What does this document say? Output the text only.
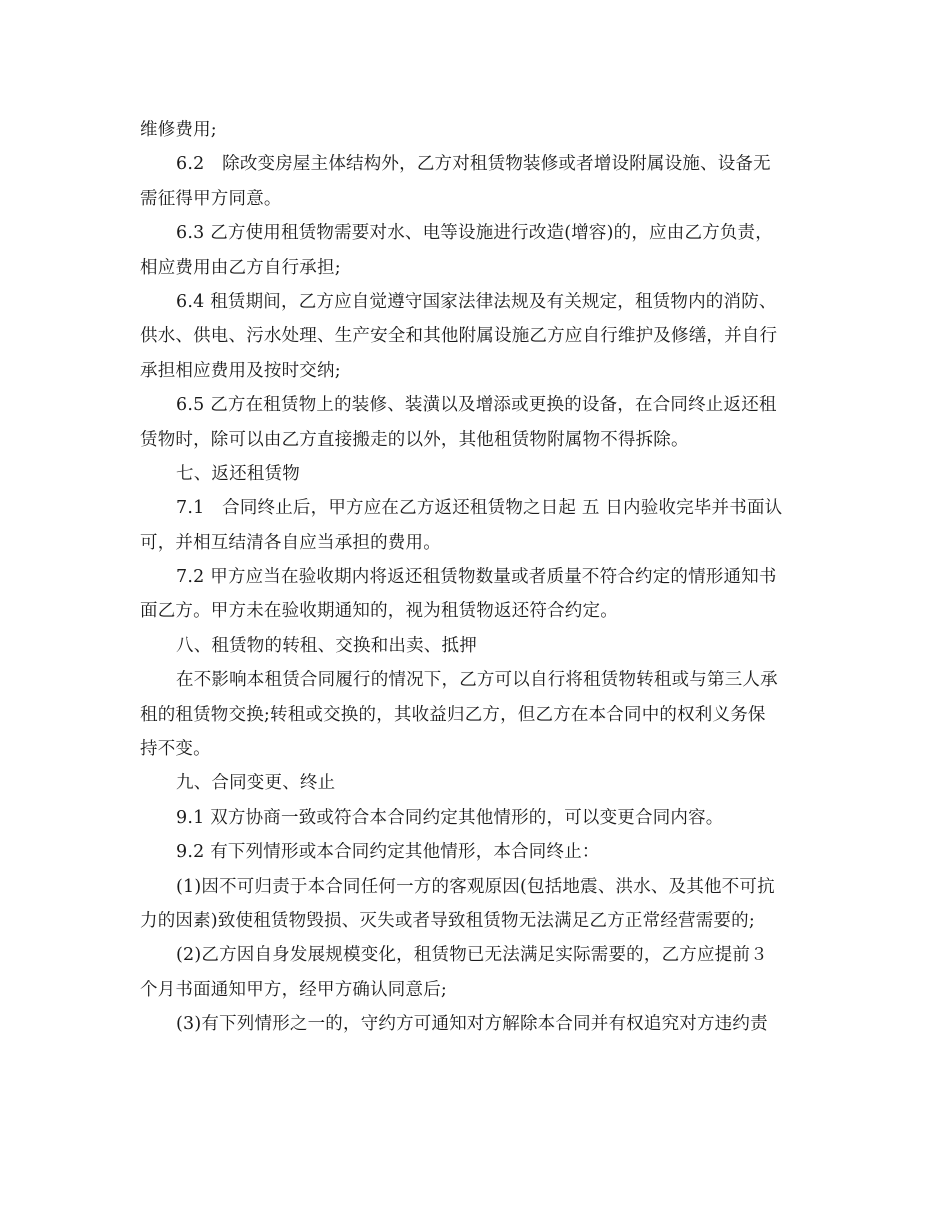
维修费用;
6.2　除改变房屋主体结构外，乙方对租赁物装修或者增设附属设施、设备无
需征得甲方同意。
6.3 乙方使用租赁物需要对水、电等设施进行改造(增容)的，应由乙方负责，
相应费用由乙方自行承担;
6.4 租赁期间，乙方应自觉遵守国家法律法规及有关规定，租赁物内的消防、
供水、供电、污水处理、生产安全和其他附属设施乙方应自行维护及修缮，并自行
承担相应费用及按时交纳;
6.5 乙方在租赁物上的装修、装潢以及增添或更换的设备，在合同终止返还租
赁物时，除可以由乙方直接搬走的以外，其他租赁物附属物不得拆除。
七、返还租赁物
7.1　合同终止后，甲方应在乙方返还租赁物之日起 五 日内验收完毕并书面认
可，并相互结清各自应当承担的费用。
7.2 甲方应当在验收期内将返还租赁物数量或者质量不符合约定的情形通知书
面乙方。甲方未在验收期通知的，视为租赁物返还符合约定。
八、租赁物的转租、交换和出卖、抵押
在不影响本租赁合同履行的情况下，乙方可以自行将租赁物转租或与第三人承
租的租赁物交换;转租或交换的，其收益归乙方，但乙方在本合同中的权利义务保
持不变。
九、合同变更、终止
9.1 双方协商一致或符合本合同约定其他情形的，可以变更合同内容。
9.2 有下列情形或本合同约定其他情形，本合同终止：
(1)因不可归责于本合同任何一方的客观原因(包括地震、洪水、及其他不可抗
力的因素)致使租赁物毁损、灭失或者导致租赁物无法满足乙方正常经营需要的;
(2)乙方因自身发展规模变化，租赁物已无法满足实际需要的，乙方应提前３
个月书面通知甲方，经甲方确认同意后;
(3)有下列情形之一的，守约方可通知对方解除本合同并有权追究对方违约责
